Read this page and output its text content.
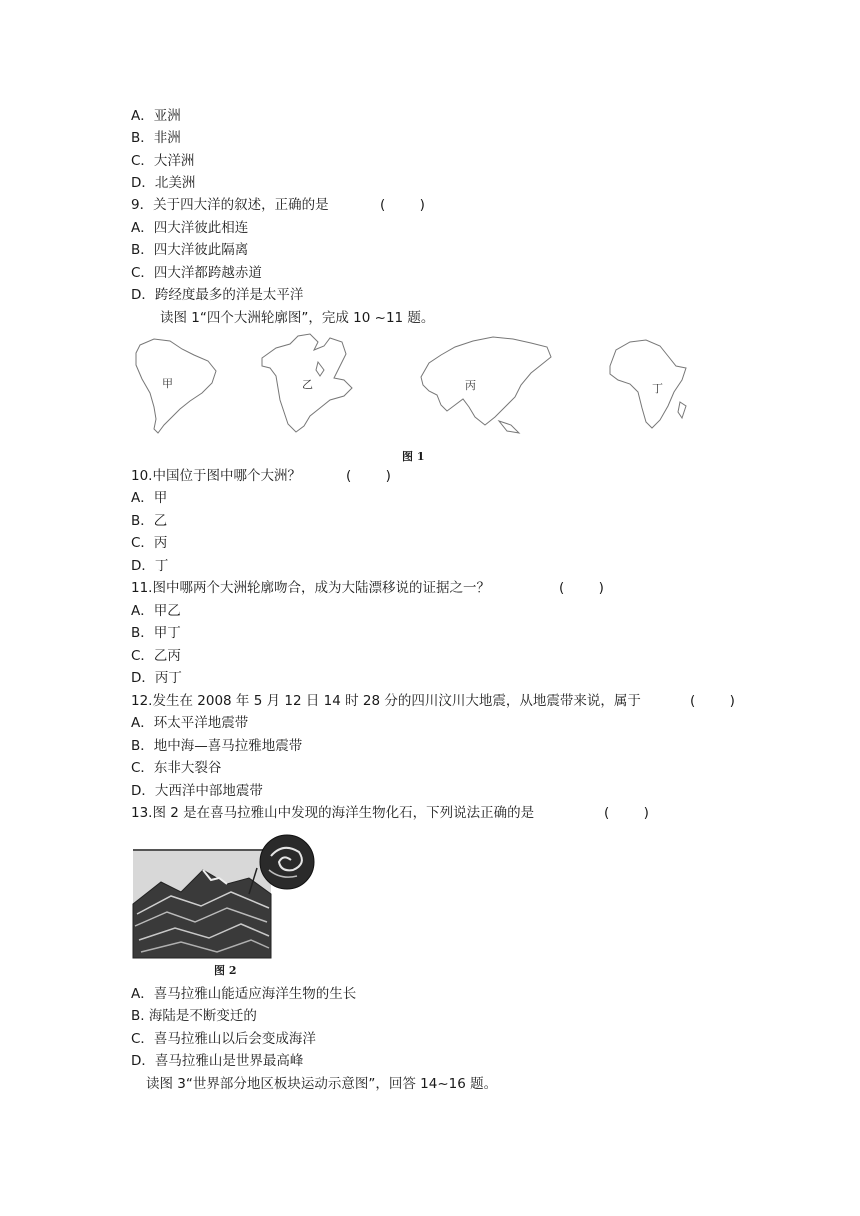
A．亚洲
B．非洲
C．大洋洲
D．北美洲
9．关于四大洋的叙述，正确的是	(        )
A．四大洋彼此相连
B．四大洋彼此隔离
C．四大洋都跨越赤道
D．跨经度最多的洋是太平洋
读图 1“四个大洲轮廓图”，完成 10 ~11 题。
甲	乙	丙	丁
图 1
10.中国位于图中哪个大洲？	(        )
A．甲
B．乙
C．丙
D．丁
11.图中哪两个大洲轮廓吻合，成为大陆漂移说的证据之一？	(        )
A．甲乙
B．甲丁
C．乙丙
D．丙丁
12.发生在 2008 年 5 月 12 日 14 时 28 分的四川汶川大地震，从地震带来说，属于	(        )
A．环太平洋地震带
B．地中海—喜马拉雅地震带
C．东非大裂谷
D．大西洋中部地震带
13.图 2 是在喜马拉雅山中发现的海洋生物化石，下列说法正确的是	(        )
图 2
A．喜马拉雅山能适应海洋生物的生长
B. 海陆是不断变迁的
C．喜马拉雅山以后会变成海洋
D．喜马拉雅山是世界最高峰
读图 3“世界部分地区板块运动示意图”，回答 14~16 题。
